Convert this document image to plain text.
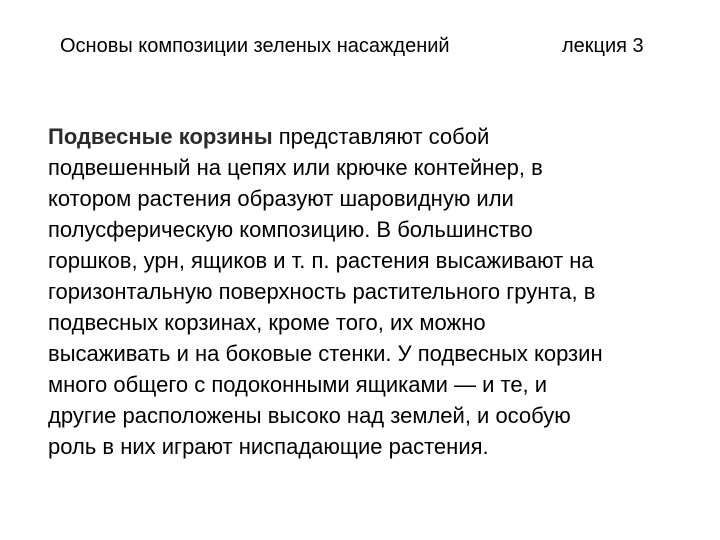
Основы композиции зеленых насаждений	лекция 3
Подвесные корзины представляют собой
подвешенный на цепях или крючке контейнер, в
котором растения образуют шаровидную или
полусферическую композицию. В большинство
горшков, урн, ящиков и т. п. растения высаживают на
горизонтальную поверхность растительного грунта, в
подвесных корзинах, кроме того, их можно
высаживать и на боковые стенки. У подвесных корзин
много общего с подоконными ящиками — и те, и
другие расположены высоко над землей, и особую
роль в них играют ниспадающие растения.
